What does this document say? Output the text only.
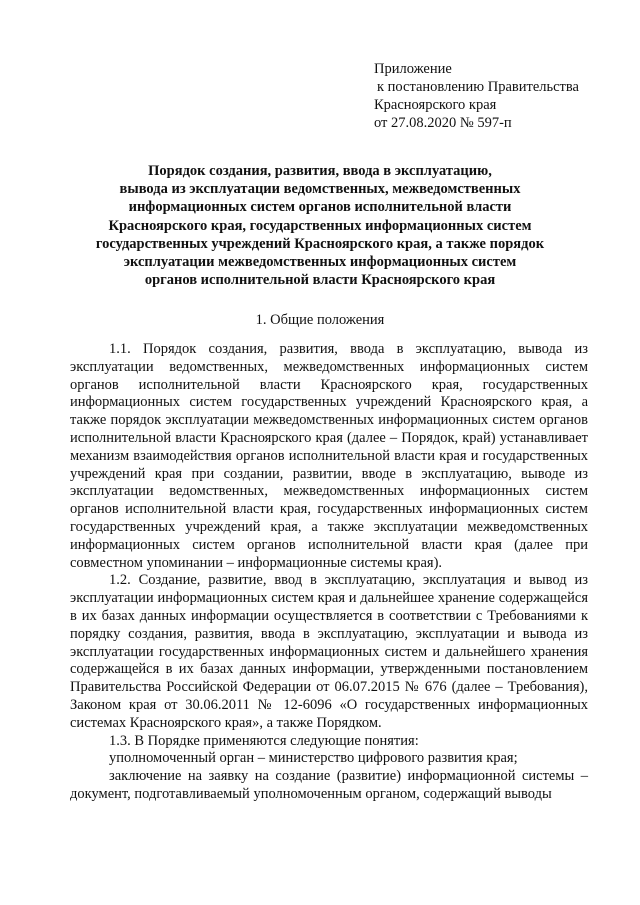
Приложение
к постановлению Правительства
Красноярского края
от 27.08.2020 № 597-п
Порядок создания, развития, ввода в эксплуатацию,
вывода из эксплуатации ведомственных, межведомственных
информационных систем органов исполнительной власти
Красноярского края, государственных информационных систем
государственных учреждений Красноярского края, а также порядок
эксплуатации межведомственных информационных систем
органов исполнительной власти Красноярского края
1. Общие положения

1.1. Порядок создания, развития, ввода в эксплуатацию, вывода из эксплуатации ведомственных, межведомственных информационных систем органов исполнительной власти Красноярского края, государственных информационных систем государственных учреждений Красноярского края, а также порядок эксплуатации межведомственных информационных систем органов исполнительной власти Красноярского края (далее – Порядок, край) устанавливает механизм взаимодействия органов исполнительной власти края и государственных учреждений края при создании, развитии, вводе в эксплуатацию, выводе из эксплуатации ведомственных, межведомственных информационных систем органов исполнительной власти края, государственных информационных систем государственных учреждений края, а также эксплуатации межведомственных информационных систем органов исполнительной власти края (далее при совместном упоминании – информационные системы края).

1.2. Создание, развитие, ввод в эксплуатацию, эксплуатация и вывод из эксплуатации информационных систем края и дальнейшее хранение содержащейся в их базах данных информации осуществляется в соответствии с Требованиями к порядку создания, развития, ввода в эксплуатацию, эксплуатации и вывода из эксплуатации государственных информационных систем и дальнейшего хранения содержащейся в их базах данных информации, утвержденными постановлением Правительства Российской Федерации от 06.07.2015 № 676 (далее – Требования), Законом края от 30.06.2011 № 12-6096 «О государственных информационных системах Красноярского края», а также Порядком.

1.3. В Порядке применяются следующие понятия:

уполномоченный орган – министерство цифрового развития края;

заключение на заявку на создание (развитие) информационной системы – документ, подготавливаемый уполномоченным органом, содержащий выводы
